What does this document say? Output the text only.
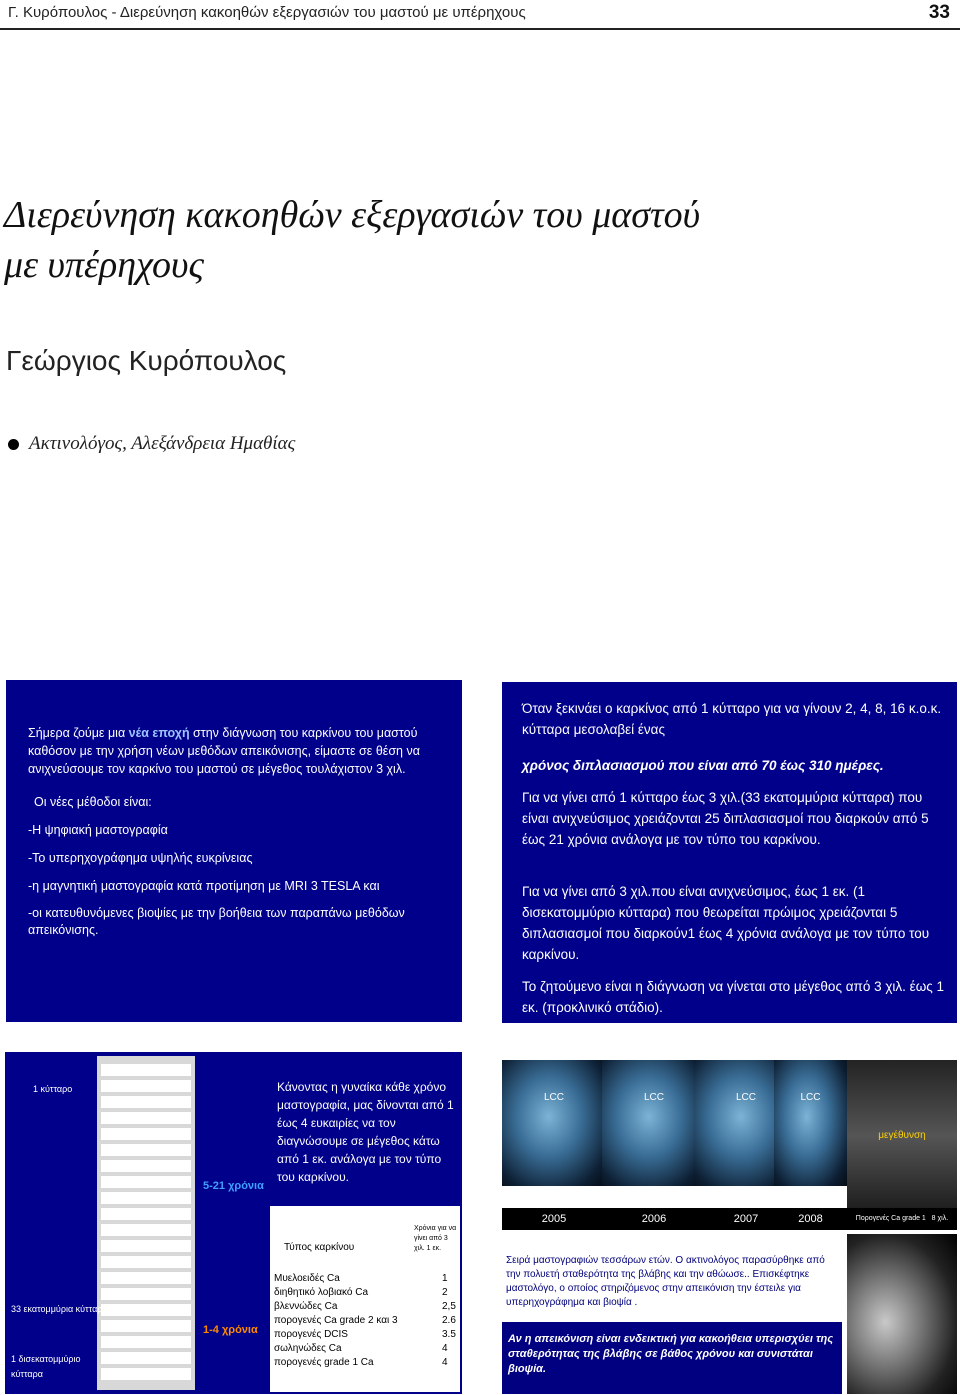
Γ. Κυρόπουλος - Διερεύνηση κακοηθών εξεργασιών του μαστού με υπέρηχους	33
Διερεύνηση κακοηθών εξεργασιών του μαστού
με υπέρηχους
Γεώργιος Κυρόπουλος
Ακτινολόγος, Αλεξάνδρεια Ημαθίας

Σήμερα ζούμε μια νέα εποχή στην διάγνωση του καρκίνου του μαστού καθόσον με την χρήση νέων μεθόδων απεικόνισης, είμαστε σε θέση να ανιχνεύσουμε τον καρκίνο του μαστού σε μέγεθος τουλάχιστον 3 χιλ.

Οι νέες μέθοδοι είναι:

-Η ψηφιακή μαστογραφία

-Το υπερηχογράφημα υψηλής ευκρίνειας

-η μαγνητική μαστογραφία κατά προτίμηση με MRI 3 TESLA και

-οι κατευθυνόμενες βιοψίες με την βοήθεια των παραπάνω μεθόδων απεικόνισης.

Όταν ξεκινάει ο καρκίνος από 1 κύτταρο για να γίνουν 2, 4, 8, 16 κ.ο.κ. κύτταρα μεσολαβεί ένας
χρόνος διπλασιασμού που είναι από 70 έως 310 ημέρες.
Για να γίνει από 1 κύτταρο έως 3 χιλ.(33 εκατομμύρια κύτταρα) που είναι ανιχνεύσιμος χρειάζονται 25 διπλασιασμοί που διαρκούν από 5 έως 21 χρόνια ανάλογα με τον τύπο του καρκίνου.
Για να γίνει από 3 χιλ.που είναι ανιχνεύσιμος, έως 1 εκ. (1 δισεκατομμύριο κύτταρα) που θεωρείται πρώιμος χρειάζονται 5 διπλασιασμοί που διαρκούν1 έως 4 χρόνια ανάλογα με τον τύπο του καρκίνου.
Το ζητούμενο είναι η διάγνωση να γίνεται στο μέγεθος από 3 χιλ. έως 1 εκ. (προκλινικό στάδιο).
1 κύτταρο
5-21 χρόνια
1-4 χρόνια
33 εκατομμύρια κύτταρα
1 δισεκατομμύριο κύτταρα
Κάνοντας η γυναίκα κάθε χρόνο μαστογραφία, μας δίνονται από 1 έως 4 ευκαιρίες να τον διαγνώσουμε σε μέγεθος κάτω από 1 εκ. ανάλογα με τον τύπο του καρκίνου.
Τύπος καρκίνου
Χρόνια για να γίνει από 3 χιλ. 1 εκ.
Μυελοειδές Ca	1
διηθητικό λοβιακό Ca	2
βλεννώδες Ca	2,5
πορογενές Ca grade 2 και 3	2.6
πορογενές DCIS	3.5
σωληνώδες Ca	4
πορογενές grade 1 Ca	4
LCC	LCC	LCC	LCC
2005	2006	2007	2008
μεγέθυνση
Πορογενές Ca grade 1 8 χιλ.
Σειρά μαστογραφιών τεσσάρων ετών. Ο ακτινολόγος παρασύρθηκε από την πολυετή σταθερότητα της βλάβης και την αθώωσε.. Επισκέφτηκε μαστολόγο, ο οποίος στηριζόμενος στην απεικόνιση την έστειλε για υπερηχογράφημα και βιοψία .
Αν η απεικόνιση είναι ενδεικτική για κακοήθεια υπερισχύει της σταθερότητας της βλάβης σε βάθος χρόνου και συνιστάται βιοψία.
